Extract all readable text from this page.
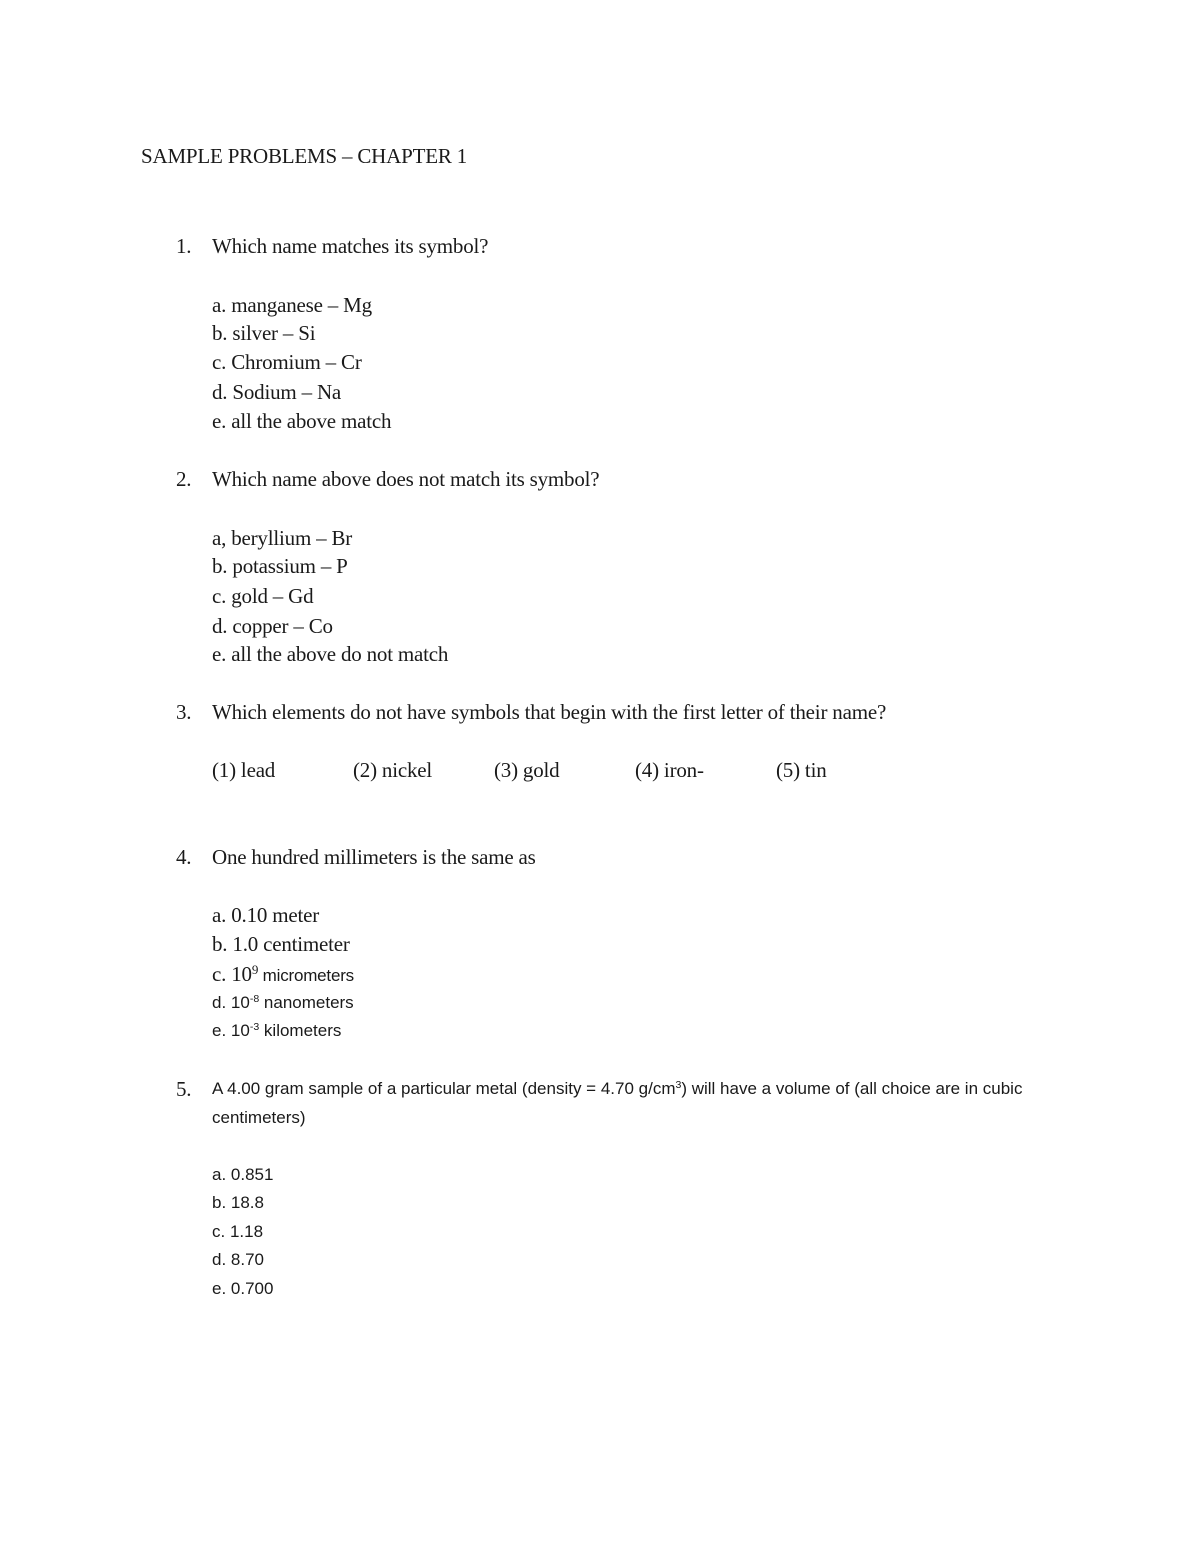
SAMPLE PROBLEMS – CHAPTER 1
1. Which name matches its symbol?
a. manganese – Mg
b. silver – Si
c. Chromium – Cr
d. Sodium – Na
e. all the above match
2. Which name above does not match its symbol?
a, beryllium – Br
b. potassium – P
c. gold – Gd
d. copper – Co
e. all the above do not match
3. Which elements do not have symbols that begin with the first letter of their name?
(1) lead	(2) nickel	(3) gold	(4) iron-	(5) tin
4. One hundred millimeters is the same as
a. 0.10 meter
b. 1.0 centimeter
c. $10^9$ micrometers
d. $10^{-8}$ nanometers
e. $10^{-3}$ kilometers
5. A 4.00 gram sample of a particular metal (density = 4.70 $g/cm^3$) will have a volume of (all choice are in cubic centimeters)
a. 0.851
b. 18.8
c. 1.18
d. 8.70
e. 0.700
